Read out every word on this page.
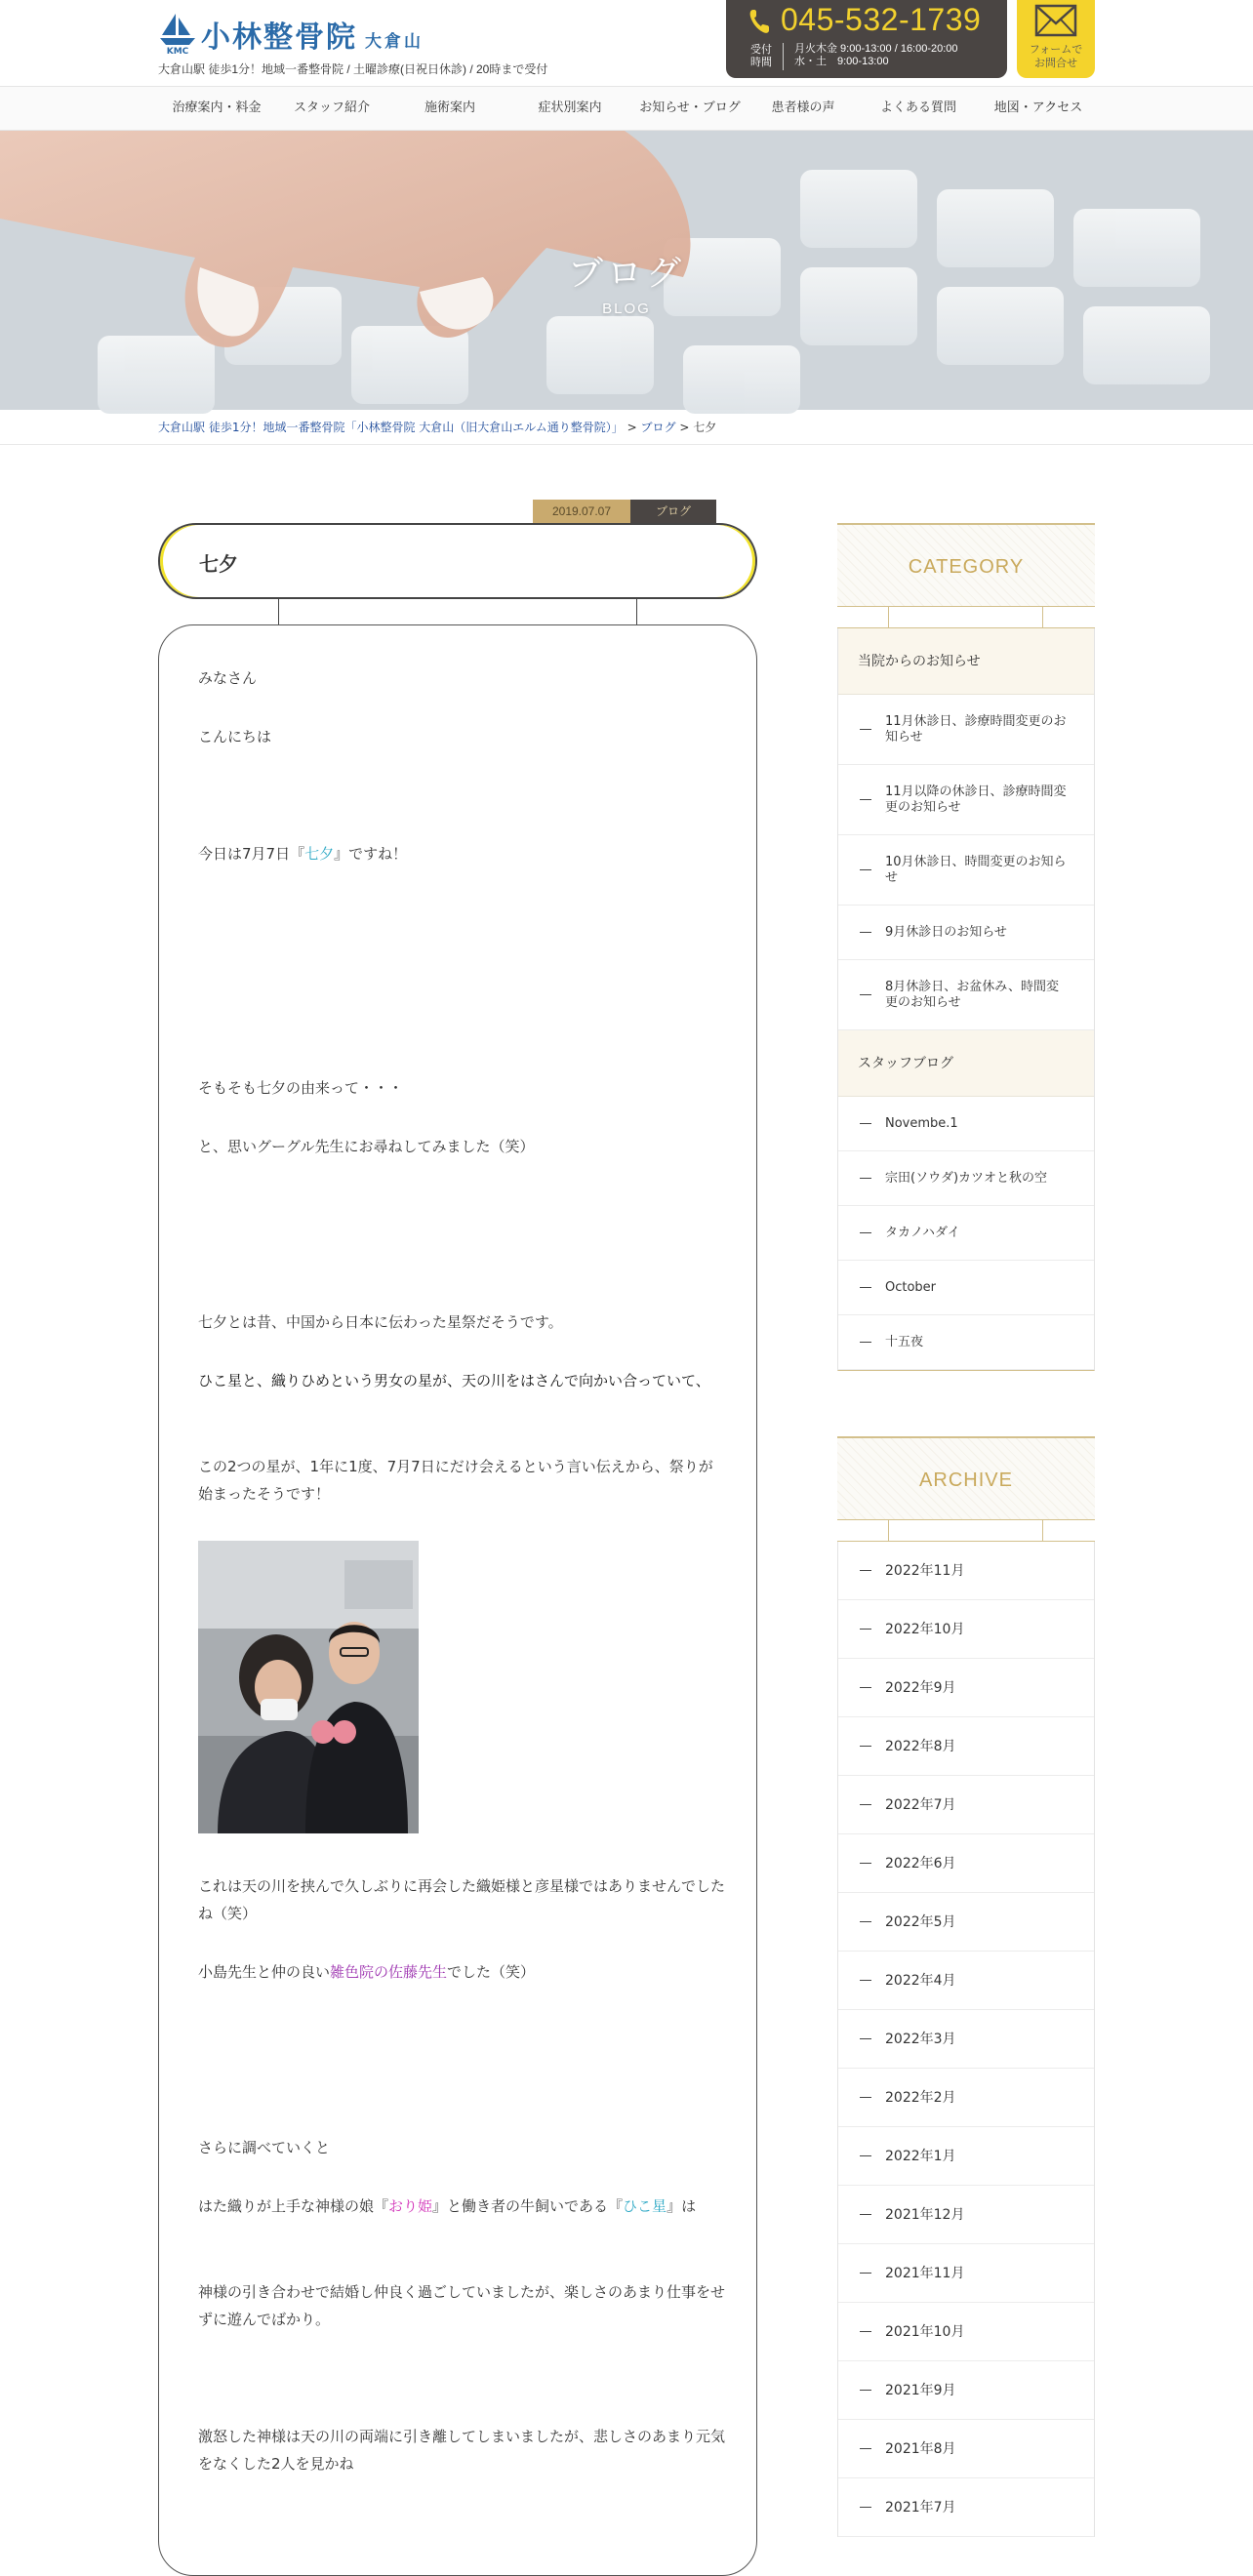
KMC 小林整骨院 大倉山
大倉山駅 徒歩1分！地域一番整骨院 / 土曜診療(日祝日休診) / 20時まで受付
045-532-1739
受付時間
月火木金 9:00-13:00 / 16:00-20:00
水・土　9:00-13:00
フォームで
お問合せ
治療案内・料金	スタッフ紹介	施術案内	症状別案内	お知らせ・ブログ	患者様の声	よくある質問	地図・アクセス
ブログ
BLOG
大倉山駅 徒歩1分！地域一番整骨院「小林整骨院 大倉山（旧大倉山エルム通り整骨院）」 > ブログ > 七夕
2019.07.07	ブログ
七夕

みなさん

こんにちは

今日は7月7日『七夕』ですね！

そもそも七夕の由来って・・・

と、思いグーグル先生にお尋ねしてみました（笑）

七夕とは昔、中国から日本に伝わった星祭だそうです。

ひこ星と、織りひめという男女の星が、天の川をはさんで向かい合っていて、

この2つの星が、1年に1度、7月7日にだけ会えるという言い伝えから、祭りが始まったそうです！

これは天の川を挟んで久しぶりに再会した織姫様と彦星様ではありませんでしたね（笑）

小島先生と仲の良い雑色院の佐藤先生でした（笑）

さらに調べていくと

はた織りが上手な神様の娘『おり姫』と働き者の牛飼いである『ひこ星』は

神様の引き合わせで結婚し仲良く過ごしていましたが、楽しさのあまり仕事をせずに遊んでばかり。

激怒した神様は天の川の両端に引き離してしまいましたが、悲しさのあまり元気をなくした2人を見かね

CATEGORY
当院からのお知らせ
11月休診日、診療時間変更のお知らせ
11月以降の休診日、診療時間変更のお知らせ
10月休診日、時間変更のお知らせ
9月休診日のお知らせ
8月休診日、お盆休み、時間変更のお知らせ
スタッフブログ
Novembe.1
宗田(ソウダ)カツオと秋の空
タカノハダイ
October
十五夜
ARCHIVE
2022年11月
2022年10月
2022年9月
2022年8月
2022年7月
2022年6月
2022年5月
2022年4月
2022年3月
2022年2月
2022年1月
2021年12月
2021年11月
2021年10月
2021年9月
2021年8月
2021年7月
